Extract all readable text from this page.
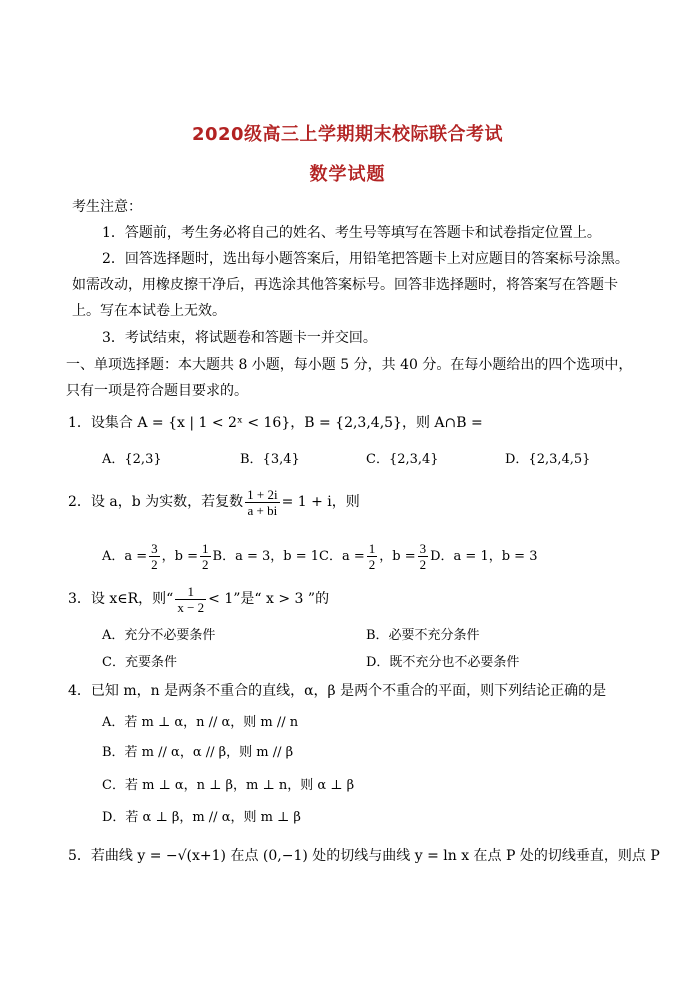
2020级高三上学期期末校际联合考试
数学试题
考生注意：
1．答题前，考生务必将自己的姓名、考生号等填写在答题卡和试卷指定位置上。
2．回答选择题时，选出每小题答案后，用铅笔把答题卡上对应题目的答案标号涂黑。
如需改动，用橡皮擦干净后，再选涂其他答案标号。回答非选择题时，将答案写在答题卡
上。写在本试卷上无效。
3．考试结束，将试题卷和答题卡一并交回。
一、单项选择题：本大题共 8 小题，每小题 5 分，共 40 分。在每小题给出的四个选项中，
只有一项是符合题目要求的。
1．设集合 A = {x | 1 < 2ˣ < 16}，B = {2,3,4,5}，则 A∩B =
A．{2,3}	B．{3,4}	C．{2,3,4}	D．{2,3,4,5}
2．设 a，b 为实数，若复数 $\frac{1 + 2i}{a + bi} = 1 + i$，则
A．$a = \frac{3}{2}$ ，$b = \frac{1}{2}$ B．a = 3，b = 1C．$a = \frac{1}{2}$ ，$b = \frac{3}{2}$ D．a = 1，b = 3
3．设 x∈R，则“ $\frac{1}{x - 2} < 1$”是“ x > 3 ”的
A．充分不必要条件	B．必要不充分条件
C．充要条件	D．既不充分也不必要条件
4．已知 m，n 是两条不重合的直线，α，β 是两个不重合的平面，则下列结论正确的是
A．若 m ⊥ α，n // α，则 m // n
B．若 m // α，α // β，则 m // β
C．若 m ⊥ α，n ⊥ β，m ⊥ n，则 α ⊥ β
D．若 α ⊥ β，m // α，则 m ⊥ β
5．若曲线 y = −√(x+1) 在点 (0,−1) 处的切线与曲线 y = ln x 在点 P 处的切线垂直，则点 P
